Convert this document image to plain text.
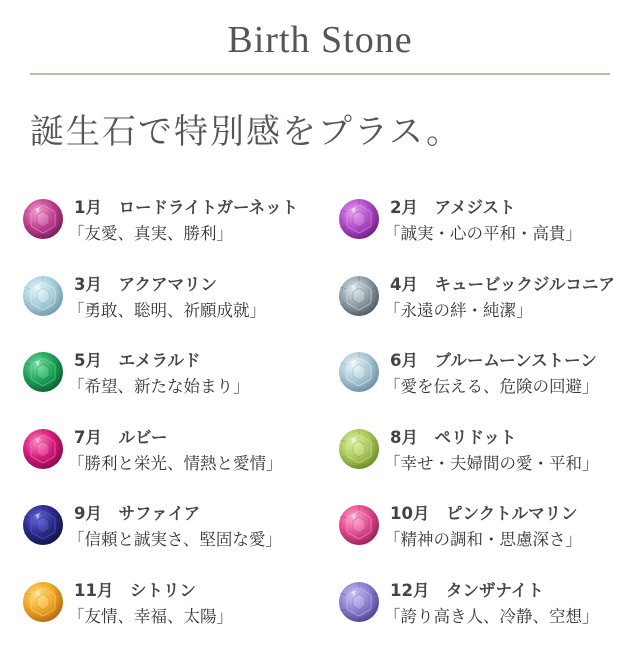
Birth Stone
誕生石で特別感をプラス。
1月　ロードライトガーネット
「友愛、真実、勝利」
2月　アメジスト
「誠実・心の平和・高貴」
3月　アクアマリン
「勇敢、聡明、祈願成就」
4月　キュービックジルコニア
「永遠の絆・純潔」
5月　エメラルド
「希望、新たな始まり」
6月　ブルームーンストーン
「愛を伝える、危険の回避」
7月　ルビー
「勝利と栄光、情熱と愛情」
8月　ペリドット
「幸せ・夫婦間の愛・平和」
9月　サファイア
「信頼と誠実さ、堅固な愛」
10月　ピンクトルマリン
「精神の調和・思慮深さ」
11月　シトリン
「友情、幸福、太陽」
12月　タンザナイト
「誇り高き人、冷静、空想」
